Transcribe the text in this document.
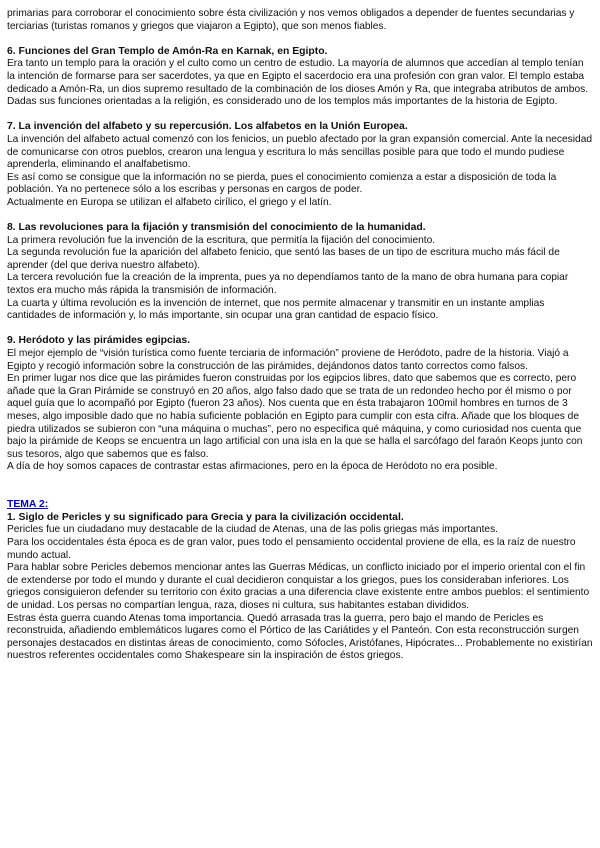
primarias para corroborar el conocimiento sobre ésta civilización y nos vemos obligados a depender de fuentes secundarias y terciarias (turistas romanos y griegos que viajaron a Egipto), que son menos fiables.

6. Funciones del Gran Templo de Amón-Ra en Karnak, en Egipto.

Era tanto un templo para la oración y el culto como un centro de estudio. La mayoría de alumnos que accedían al templo tenían la intención de formarse para ser sacerdotes, ya que en Egipto el sacerdocio era una profesión con gran valor. El templo estaba dedicado a Amón-Ra, un dios supremo resultado de la combinación de los dioses Amón y Ra, que integraba atributos de ambos. Dadas sus funciones orientadas a la religión, es considerado uno de los templos más importantes de la historia de Egipto.

7. La invención del alfabeto y su repercusión. Los alfabetos en la Unión Europea.

La invención del alfabeto actual comenzó con los fenicios, un pueblo afectado por la gran expansión comercial. Ante la necesidad de comunicarse con otros pueblos, crearon una lengua y escritura lo más sencillas posible para que todo el mundo pudiese aprenderla, eliminando el analfabetismo.

Es así como se consigue que la información no se pierda, pues el conocimiento comienza a estar a disposición de toda la población. Ya no pertenece sólo a los escribas y personas en cargos de poder.

Actualmente en Europa se utilizan el alfabeto cirílico, el griego y el latín.

8. Las revoluciones para la fijación y transmisión del conocimiento de la humanidad.

La primera revolución fue la invención de la escritura, que permitía la fijación del conocimiento.

La segunda revolución fue la aparición del alfabeto fenicio, que sentó las bases de un tipo de escritura mucho más fácil de aprender (del que deriva nuestro alfabeto).

La tercera revolución fue la creación de la imprenta, pues ya no dependíamos tanto de la mano de obra humana para copiar textos era mucho más rápida la transmisión de información.

La cuarta y última revolución es la invención de internet, que nos permite almacenar y transmitir en un instante amplias cantidades de información y, lo más importante, sin ocupar una gran cantidad de espacio físico.

9. Heródoto y las pirámides egipcias.

El mejor ejemplo de “visión turística como fuente terciaria de información” proviene de Heródoto, padre de la historia. Viajó a Egipto y recogió información sobre la construcción de las pirámides, dejándonos datos tanto correctos como falsos.

En primer lugar nos dice que las pirámides fueron construidas por los egipcios libres, dato que sabemos que es correcto, pero añade que la Gran Pirámide se construyó en 20 años, algo falso dado que se trata de un redondeo hecho por él mismo o por aquel guía que lo acompañó por Egipto (fueron 23 años). Nos cuenta que en ésta trabajaron 100mil hombres en turnos de 3 meses, algo imposible dado que no había suficiente población en Egipto para cumplir con esta cifra. Añade que los bloques de piedra utilizados se subieron con “una máquina o muchas”, pero no especifica qué máquina, y como curiosidad nos cuenta que bajo la pirámide de Keops se encuentra un lago artificial con una isla en la que se halla el sarcófago del faraón Keops junto con sus tesoros, algo que sabemos que es falso.

A día de hoy somos capaces de contrastar estas afirmaciones, pero en la época de Heródoto no era posible.

TEMA 2:
1. Siglo de Pericles y su significado para Grecia y para la civilización occidental.

Pericles fue un ciudadano muy destacable de la ciudad de Atenas, una de las polis griegas más importantes.

Para los occidentales ésta época es de gran valor, pues todo el pensamiento occidental proviene de ella, es la raíz de nuestro mundo actual.

Para hablar sobre Pericles debemos mencionar antes las Guerras Médicas, un conflicto iniciado por el imperio oriental con el fin de extenderse por todo el mundo y durante el cual decidieron conquistar a los griegos, pues los consideraban inferiores. Los griegos consiguieron defender su territorio con éxito gracias a una diferencia clave existente entre ambos pueblos: el sentimiento de unidad. Los persas no compartían lengua, raza, dioses ni cultura, sus habitantes estaban divididos.

Estras ésta guerra cuando Atenas toma importancia. Quedó arrasada tras la guerra, pero bajo el mando de Pericles es reconstruida, añadiendo emblemáticos lugares como el Pórtico de las Cariátides y el Panteón. Con esta reconstrucción surgen personajes destacados en distintas áreas de conocimiento, como Sófocles, Aristófanes, Hipócrates... Probablemente no existirían nuestros referentes occidentales como Shakespeare sin la inspiración de éstos griegos.
